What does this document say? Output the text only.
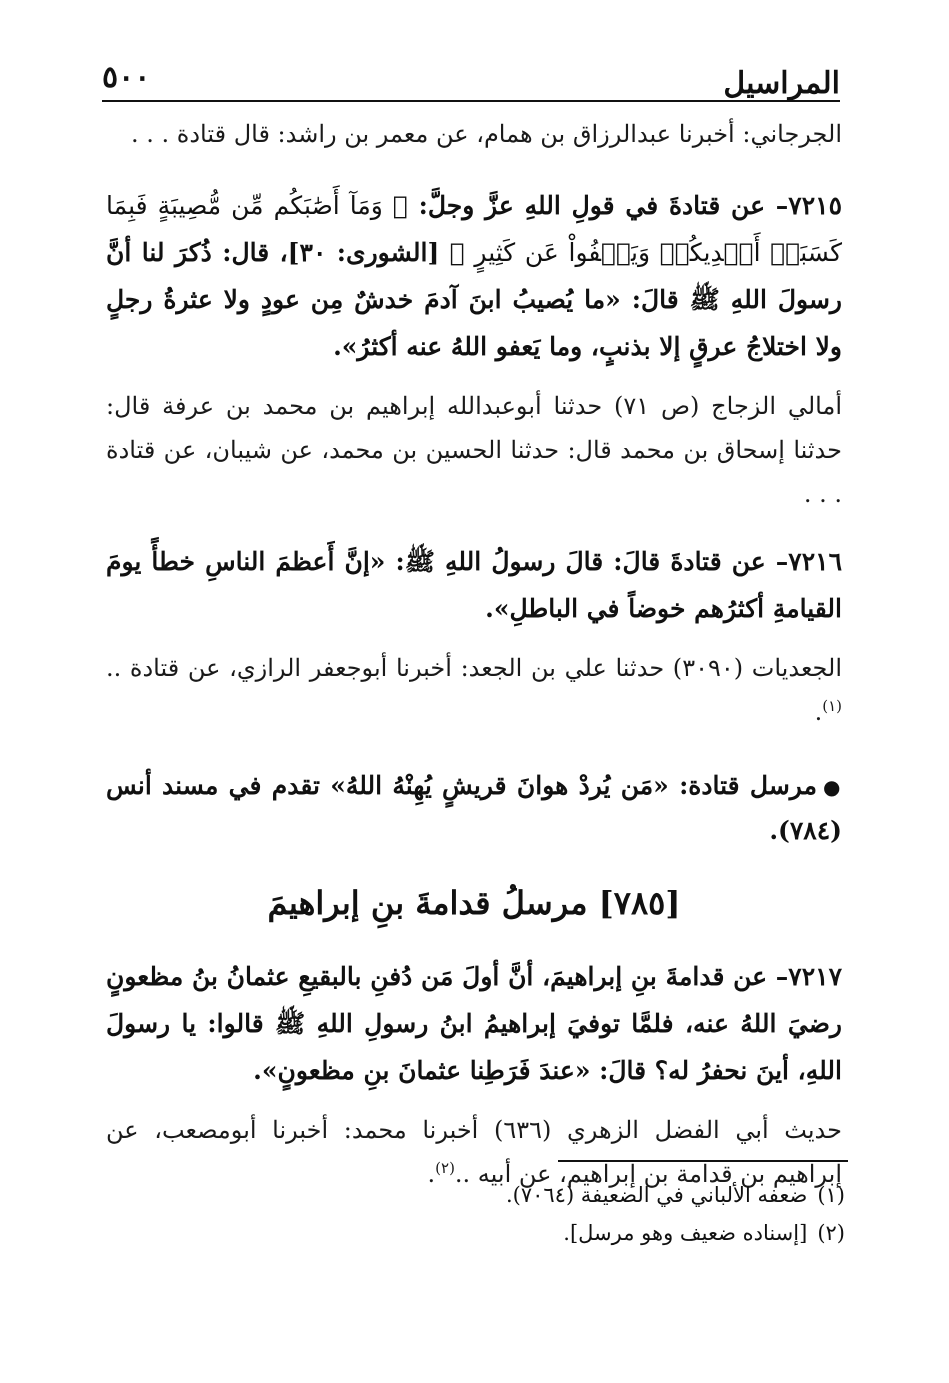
المراسيل
٥٠٠

الجرجاني: أخبرنا عبدالرزاق بن همام، عن معمر بن راشد: قال قتادة . . .

٧٢١٥– عن قتادةَ في قولِ اللهِ عزَّ وجلَّ: ﴿ وَمَآ أَصَٰبَكُم مِّن مُّصِيبَةٍ فَبِمَا كَسَبَتۡ أَيۡدِيكُمۡ وَيَعۡفُواْ عَن كَثِيرٍ ﴾ [الشورى: ٣٠]، قال: ذُكرَ لنا أنَّ رسولَ اللهِ ﷺ قالَ: «ما يُصيبُ ابنَ آدمَ خدشٌ مِن عودٍ ولا عثرةُ رجلٍ ولا اختلاجُ عرقٍ إلا بذنبٍ، وما يَعفو اللهُ عنه أكثرُ».

أمالي الزجاج (ص ٧١) حدثنا أبوعبدالله إبراهيم بن محمد بن عرفة قال: حدثنا إسحاق بن محمد قال: حدثنا الحسين بن محمد، عن شيبان، عن قتادة . . .

٧٢١٦– عن قتادةَ قالَ: قالَ رسولُ اللهِ ﷺ: «إنَّ أَعظمَ الناسِ خطأً يومَ القيامةِ أكثرُهم خوضاً في الباطلِ».

الجعديات (٣٠٩٠) حدثنا علي بن الجعد: أخبرنا أبوجعفر الرازي، عن قتادة ..$^{(١)}$.

●مرسل قتادة: «مَن يُردْ هوانَ قريشٍ يُهِنْهُ اللهُ» تقدم في مسند أنس (٧٨٤).

[٧٨٥] مرسلُ قدامةَ بنِ إبراهيمَ

٧٢١٧– عن قدامةَ بنِ إبراهيمَ، أنَّ أولَ مَن دُفنِ بالبقيعِ عثمانُ بنُ مظعونٍ رضيَ اللهُ عنه، فلمَّا توفيَ إبراهيمُ ابنُ رسولِ اللهِ ﷺ قالوا: يا رسولَ اللهِ، أينَ نحفرُ له؟ قالَ: «عندَ فَرَطِنا عثمانَ بنِ مظعونٍ».

حديث أبي الفضل الزهري (٦٣٦) أخبرنا محمد: أخبرنا أبومصعب، عن إبراهيم بن قدامة بن إبراهيم، عن أبيه ..$^{(٢)}$.

(١)ضعفه الألباني في الضعيفة (٧٠٦٤).
(٢)[إسناده ضعيف وهو مرسل].
